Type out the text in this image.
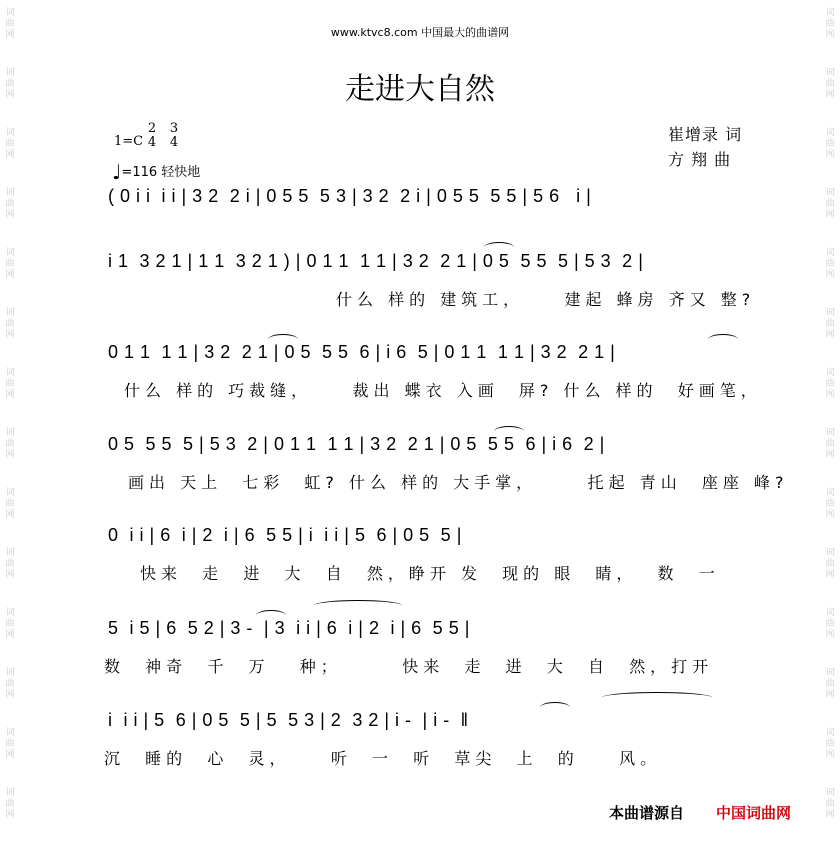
词
曲
网
词
曲
网
词
曲
网
词
曲
网
词
曲
网
词
曲
网
词
曲
网
词
曲
网
词
曲
网
词
曲
网
词
曲
网
词
曲
网
词
曲
网
词
曲
网
词
曲
网
词
曲
网
词
曲
网
词
曲
网
词
曲
网
词
曲
网
词
曲
网
词
曲
网
词
曲
网
词
曲
网
词
曲
网
词
曲
网
词
曲
网
词
曲
网
www.ktvc8.com 中国最大的曲谱网
走进大自然
1=C
2
4
3
4
♩=116 轻快地
崔增录 词
方 翔 曲
( 0 i i  i i | 3 2  2 i | 0 5 5  5 3 | 3 2  2 i | 0 5 5  5 5 | 5 6   i |
i 1  3 2 1 | 1 1  3 2 1 ) | 0 1 1  1 1 | 3 2  2 1 | 0 5  5 5  5 | 5 3  2 |
什么 样的 建筑工，    建起 蜂房 齐又 整?
0 1 1  1 1 | 3 2  2 1 | 0 5  5 5  6 | i 6  5 | 0 1 1  1 1 | 3 2  2 1 |
什么 样的 巧裁缝，    裁出 蝶衣 入画  屏? 什么 样的  好画笔，
0 5  5 5  5 | 5 3  2 | 0 1 1  1 1 | 3 2  2 1 | 0 5  5 5  6 | i 6  2 |
画出 天上  七彩  虹? 什么 样的 大手掌，     托起 青山  座座 峰?
0  i i | 6  i | 2  i | 6  5 5 | i  i i | 5  6 | 0 5  5 |
快来  走  进  大  自  然，睁开 发  现的 眼  睛，  数  一
5  i 5 | 6  5 2 | 3 -  | 3  i i | 6  i | 2  i | 6  5 5 |
数  神奇  千  万   种；      快来  走  进  大  自  然，打开
i  i i | 5  6 | 0 5  5 | 5  5 3 | 2  3 2 | i -  | i -  ‖
沉  睡的  心  灵，    听  一  听  草尖  上  的    风。
本曲谱源自 中国词曲网
